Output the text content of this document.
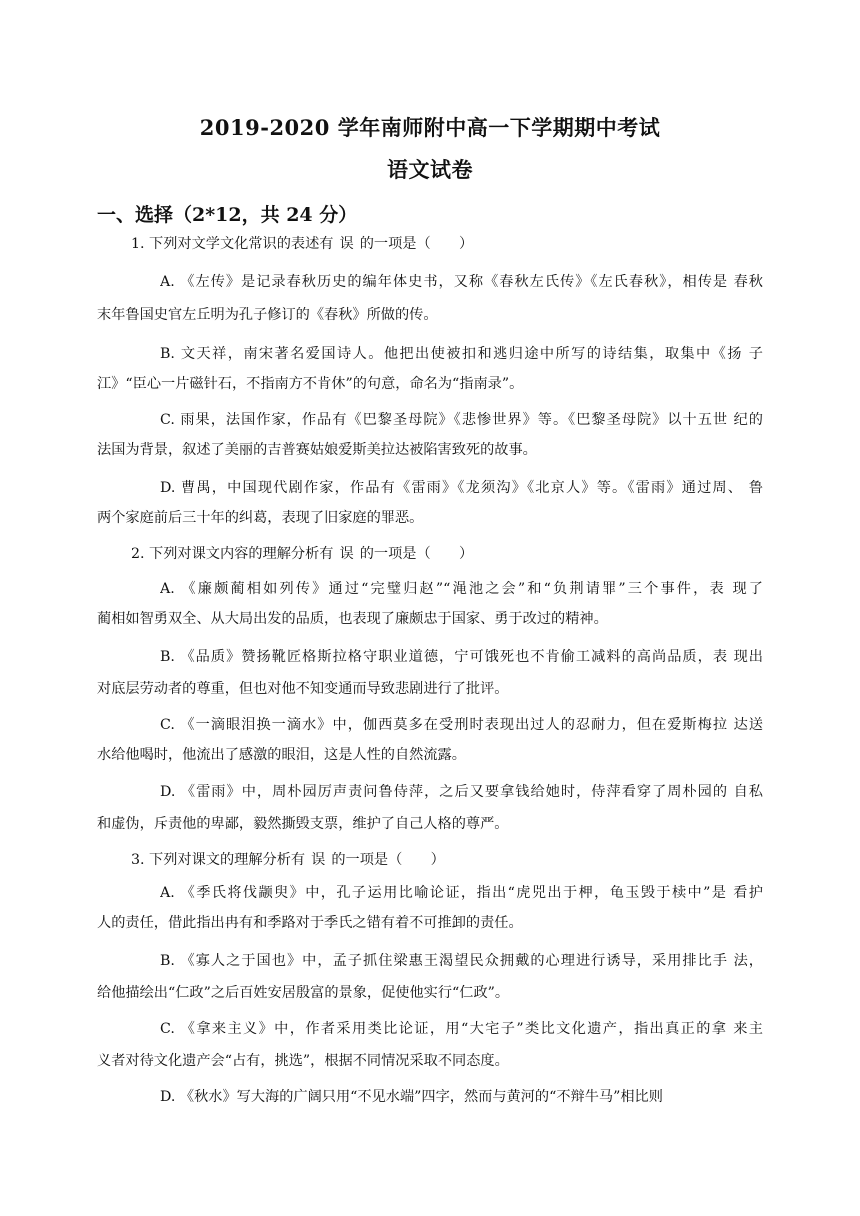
2019-2020 学年南师附中高一下学期期中考试
语文试卷
一、选择（2*12，共 24 分）
1. 下列对文学文化常识的表述有 误 的一项是（　　）
A. 《左传》是记录春秋历史的编年体史书，又称《春秋左氏传》《左氏春秋》，相传是 春秋
末年鲁国史官左丘明为孔子修订的《春秋》所做的传。
B. 文天祥，南宋著名爱国诗人。他把出使被扣和逃归途中所写的诗结集，取集中《扬 子
江》“臣心一片磁针石，不指南方不肯休”的句意，命名为“指南录”。
C. 雨果，法国作家，作品有《巴黎圣母院》《悲惨世界》等。《巴黎圣母院》以十五世 纪的
法国为背景，叙述了美丽的吉普赛姑娘爱斯美拉达被陷害致死的故事。
D. 曹禺，中国现代剧作家，作品有《雷雨》《龙须沟》《北京人》等。《雷雨》通过周、 鲁
两个家庭前后三十年的纠葛，表现了旧家庭的罪恶。
2. 下列对课文内容的理解分析有 误 的一项是（　　）
A. 《廉颇蔺相如列传》通过“完璧归赵”“渑池之会”和“负荆请罪”三个事件，表 现了
蔺相如智勇双全、从大局出发的品质，也表现了廉颇忠于国家、勇于改过的精神。
B. 《品质》赞扬靴匠格斯拉格守职业道德，宁可饿死也不肯偷工减料的高尚品质，表 现出
对底层劳动者的尊重，但也对他不知变通而导致悲剧进行了批评。
C. 《一滴眼泪换一滴水》中，伽西莫多在受刑时表现出过人的忍耐力，但在爱斯梅拉 达送
水给他喝时，他流出了感激的眼泪，这是人性的自然流露。
D. 《雷雨》中，周朴园厉声责问鲁侍萍，之后又要拿钱给她时，侍萍看穿了周朴园的 自私
和虚伪，斥责他的卑鄙，毅然撕毁支票，维护了自己人格的尊严。
3. 下列对课文的理解分析有 误 的一项是（　　）
A. 《季氏将伐颛臾》中，孔子运用比喻论证，指出“虎兕出于柙，龟玉毁于椟中”是 看护
人的责任，借此指出冉有和季路对于季氏之错有着不可推卸的责任。
B. 《寡人之于国也》中，孟子抓住梁惠王渴望民众拥戴的心理进行诱导，采用排比手 法，
给他描绘出“仁政”之后百姓安居殷富的景象，促使他实行“仁政”。
C. 《拿来主义》中，作者采用类比论证，用“大宅子”类比文化遗产，指出真正的拿 来主
义者对待文化遗产会“占有，挑选”，根据不同情况采取不同态度。
D. 《秋水》写大海的广阔只用“不见水端”四字，然而与黄河的“不辩牛马”相比则
